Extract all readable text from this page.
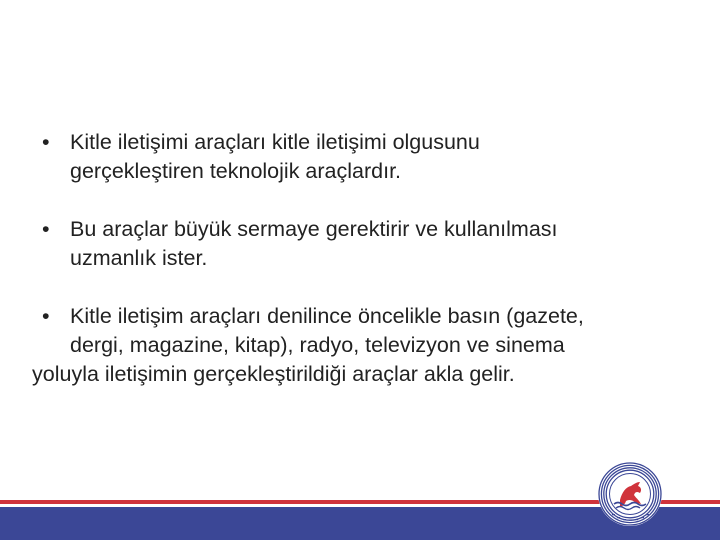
• Kitle iletişimi araçları kitle iletişimi olgusunu
gerçekleştiren teknolojik araçlardır.
• Bu araçlar büyük sermaye gerektirir ve kullanılması
uzmanlık ister.
• Kitle iletişim araçları denilince öncelikle basın (gazete,
dergi, magazine, kitap), radyo, televizyon ve sinema
yoluyla iletişimin gerçekleştirildiği araçlar akla gelir.
